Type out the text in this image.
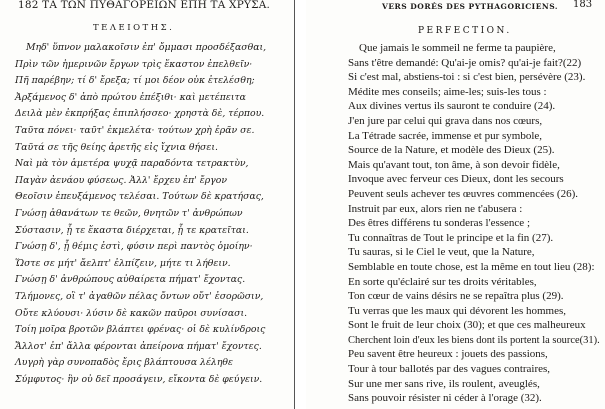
182 ΤΑ ΤΩΝ ΠΥΘΑΓΟΡΕΙΩΝ ΕΠΗ ΤΑ ΧΡΥΣΑ.
ΤΕΛΕΙΟΤΗΣ.
Μηδ' ὕπνον μαλακοῖσιν ἐπ' ὄμμασι προσδέξασθαι,
Πρὶν τῶν ἡμερινῶν ἔργων τρὶς ἕκαστον ἐπελθεῖν·
Πῆ παρέβην; τί δ' ἔρεξα; τί μοι δέον οὐκ ἐτελέσθη;
Ἀρξάμενος δ' ἀπὸ πρώτου ἐπέξιθι· καὶ μετέπειτα
Δειλὰ μὲν ἐκπρήξας ἐπιπλήσσεο· χρηστὰ δὲ, τέρπου.
Ταῦτα πόνει· ταῦτ' ἐκμελέτα· τούτων χρὴ ἐρᾶν σε.
Ταῦτά σε τῆς θείης ἀρετῆς εἰς ἴχνια θήσει.
Ναὶ μὰ τὸν ἁμετέρα ψυχᾷ παραδόντα τετρακτὺν,
Παγὰν ἀενάου φύσεως. Ἀλλ' ἔρχευ ἐπ' ἔργον
Θεοῖσιν ἐπευξάμενος τελέσαι. Τούτων δὲ κρατήσας,
Γνώσῃ ἀθανάτων τε θεῶν, θνητῶν τ' ἀνθρώπων
Σύστασιν, ᾗ τε ἕκαστα διέρχεται, ᾗ τε κρατεῖται.
Γνώσῃ δ', ᾗ θέμις ἐστὶ, φύσιν περὶ παντὸς ὁμοίην·
Ὥστε σε μήτ' ἄελπτ' ἐλπίζειν, μήτε τι λήθειν.
Γνώσῃ δ' ἀνθρώπους αὐθαίρετα πήματ' ἔχοντας.
Τλήμονες, οἳ τ' ἀγαθῶν πέλας ὄντων οὔτ' ἐσορῶσιν,
Οὔτε κλύουσι· λύσιν δὲ κακῶν παῦροι συνίσασι.
Τοίη μοῖρα βροτῶν βλάπτει φρένας· οἱ δὲ κυλίνδροις
Ἄλλοτ' ἐπ' ἄλλα φέρονται ἀπείρονα πήματ' ἔχοντες.
Λυγρὴ γὰρ συνοπαδὸς ἔρις βλάπτουσα λέληθε
Σύμφυτος· ἣν οὐ δεῖ προσάγειν, εἴκοντα δὲ φεύγειν.
VERS DORÉS DES PYTHAGORICIENS. 183
PERFECTION.
Que jamais le sommeil ne ferme ta paupière,
Sans t'être demandé: Qu'ai-je omis? qu'ai-je fait?(22)
Si c'est mal, abstiens-toi : si c'est bien, persévère (23).
Médite mes conseils; aime-les; suis-les tous :
Aux divines vertus ils sauront te conduire (24).
J'en jure par celui qui grava dans nos cœurs,
La Tétrade sacrée, immense et pur symbole,
Source de la Nature, et modèle des Dieux (25).
Mais qu'avant tout, ton âme, à son devoir fidèle,
Invoque avec ferveur ces Dieux, dont les secours
Peuvent seuls achever tes œuvres commencées (26).
Instruit par eux, alors rien ne t'abusera :
Des êtres différens tu sonderas l'essence ;
Tu connaîtras de Tout le principe et la fin (27).
Tu sauras, si le Ciel le veut, que la Nature,
Semblable en toute chose, est la même en tout lieu (28):
En sorte qu'éclairé sur tes droits véritables,
Ton cœur de vains désirs ne se repaîtra plus (29).
Tu verras que les maux qui dévorent les hommes,
Sont le fruit de leur choix (30); et que ces malheureux
Cherchent loin d'eux les biens dont ils portent la source(31).
Peu savent être heureux : jouets des passions,
Tour à tour ballotés par des vagues contraires,
Sur une mer sans rive, ils roulent, aveuglés,
Sans pouvoir résister ni céder à l'orage (32).
